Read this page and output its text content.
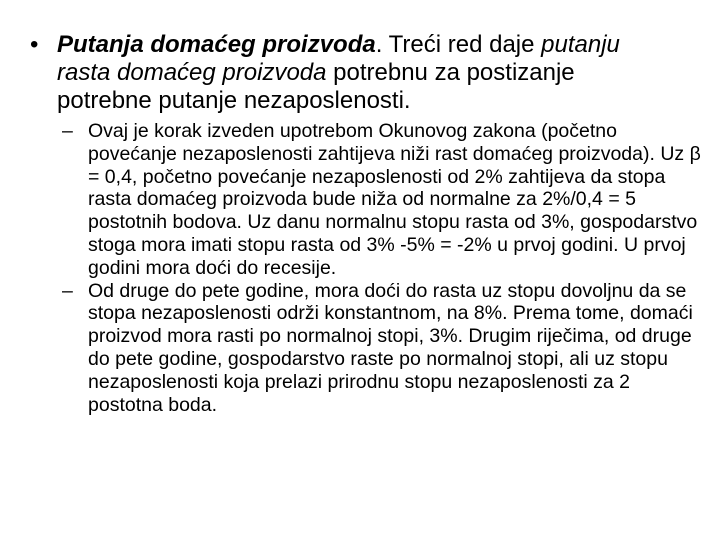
• Putanja domaćeg proizvoda. Treći red daje putanju rasta domaćeg proizvoda potrebnu za postizanje potrebne putanje nezaposlenosti.
– Ovaj je korak izveden upotrebom Okunovog zakona (početno povećanje nezaposlenosti zahtijeva niži rast domaćeg proizvoda). Uz β = 0,4, početno povećanje nezaposlenosti od 2% zahtijeva da stopa rasta domaćeg proizvoda bude niža od normalne za 2%/0,4 = 5 postotnih bodova. Uz danu normalnu stopu rasta od 3%, gospodarstvo stoga mora imati stopu rasta od 3% -5% = -2% u prvoj godini. U prvoj godini mora doći do recesije.
– Od druge do pete godine, mora doći do rasta uz stopu dovoljnu da se stopa nezaposlenosti održi konstantnom, na 8%. Prema tome, domaći proizvod mora rasti po normalnoj stopi, 3%. Drugim riječima, od druge do pete godine, gospodarstvo raste po normalnoj stopi, ali uz stopu nezaposlenosti koja prelazi prirodnu stopu nezaposlenosti za 2 postotna boda.
